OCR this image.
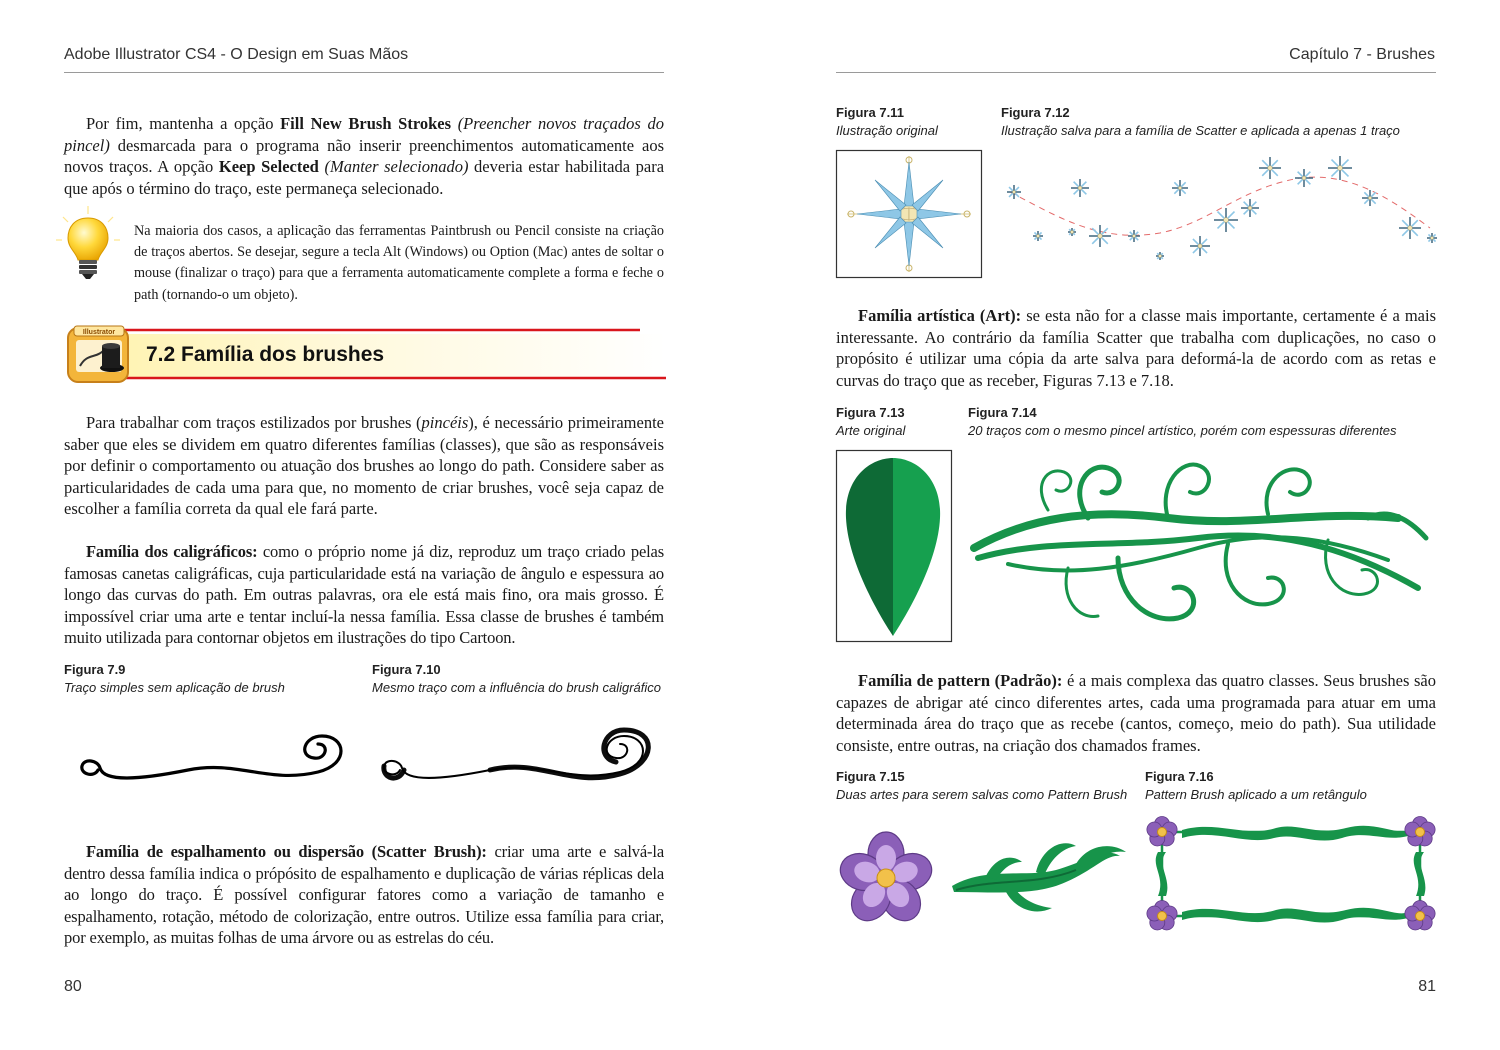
Adobe Illustrator CS4 - O Design em Suas Mãos

Por fim, mantenha a opção Fill New Brush Strokes (Preencher novos traçados do pincel) desmarcada para o programa não inserir preenchimentos automaticamente aos novos traços. A opção Keep Selected (Manter selecionado) deveria estar habilitada para que após o término do traço, este permaneça selecionado.

Na maioria dos casos, a aplicação das ferramentas Paintbrush ou Pencil consiste na criação de traços abertos. Se desejar, segure a tecla Alt (Windows) ou Option (Mac) antes de soltar o mouse (finalizar o traço) para que a ferramenta automaticamente complete a forma e feche o path (tornando-o um objeto).

Illustrator
7.2 Família dos brushes

Para trabalhar com traços estilizados por brushes (pincéis), é necessário primeiramente saber que eles se dividem em quatro diferentes famílias (classes), que são as responsáveis por definir o comportamento ou atuação dos brushes ao longo do path. Considere saber as particularidades de cada uma para que, no momento de criar brushes, você seja capaz de escolher a família correta da qual ele fará parte.

Família dos caligráficos: como o próprio nome já diz, reproduz um traço criado pelas famosas canetas caligráficas, cuja particularidade está na variação de ângulo e espessura ao longo das curvas do path. Em outras palavras, ora ele está mais fino, ora mais grosso. É impossível criar uma arte e tentar incluí-la nessa família. Essa classe de brushes é também muito utilizada para contornar objetos em ilustrações do tipo Cartoon.

Figura 7.9
Traço simples sem aplicação de brush
Figura 7.10
Mesmo traço com a influência do brush caligráfico

Família de espalhamento ou dispersão (Scatter Brush): criar uma arte e salvá-la dentro dessa família indica o própósito de espalhamento e duplicação de várias réplicas dela ao longo do traço. É possível configurar fatores como a variação de tamanho e espalhamento, rotação, método de colorização, entre outros. Utilize essa família para criar, por exemplo, as muitas folhas de uma árvore ou as estrelas do céu.

80
Capítulo 7 - Brushes
Figura 7.11
Ilustração original
Figura 7.12
Ilustração salva para a família de Scatter e aplicada a apenas 1 traço

Família artística (Art): se esta não for a classe mais importante, certamente é a mais interessante. Ao contrário da família Scatter que trabalha com duplicações, no caso o propósito é utilizar uma cópia da arte salva para deformá-la de acordo com as retas e curvas do traço que as receber, Figuras 7.13 e 7.18.

Figura 7.13
Arte original
Figura 7.14
20 traços com o mesmo pincel artístico, porém com espessuras diferentes

Família de pattern (Padrão): é a mais complexa das quatro classes. Seus brushes são capazes de abrigar até cinco diferentes artes, cada uma programada para atuar em uma determinada área do traço que as recebe (cantos, começo, meio do path). Sua utilidade consiste, entre outras, na criação dos chamados frames.

Figura 7.15
Duas artes para serem salvas como Pattern Brush
Figura 7.16
Pattern Brush aplicado a um retângulo
81
